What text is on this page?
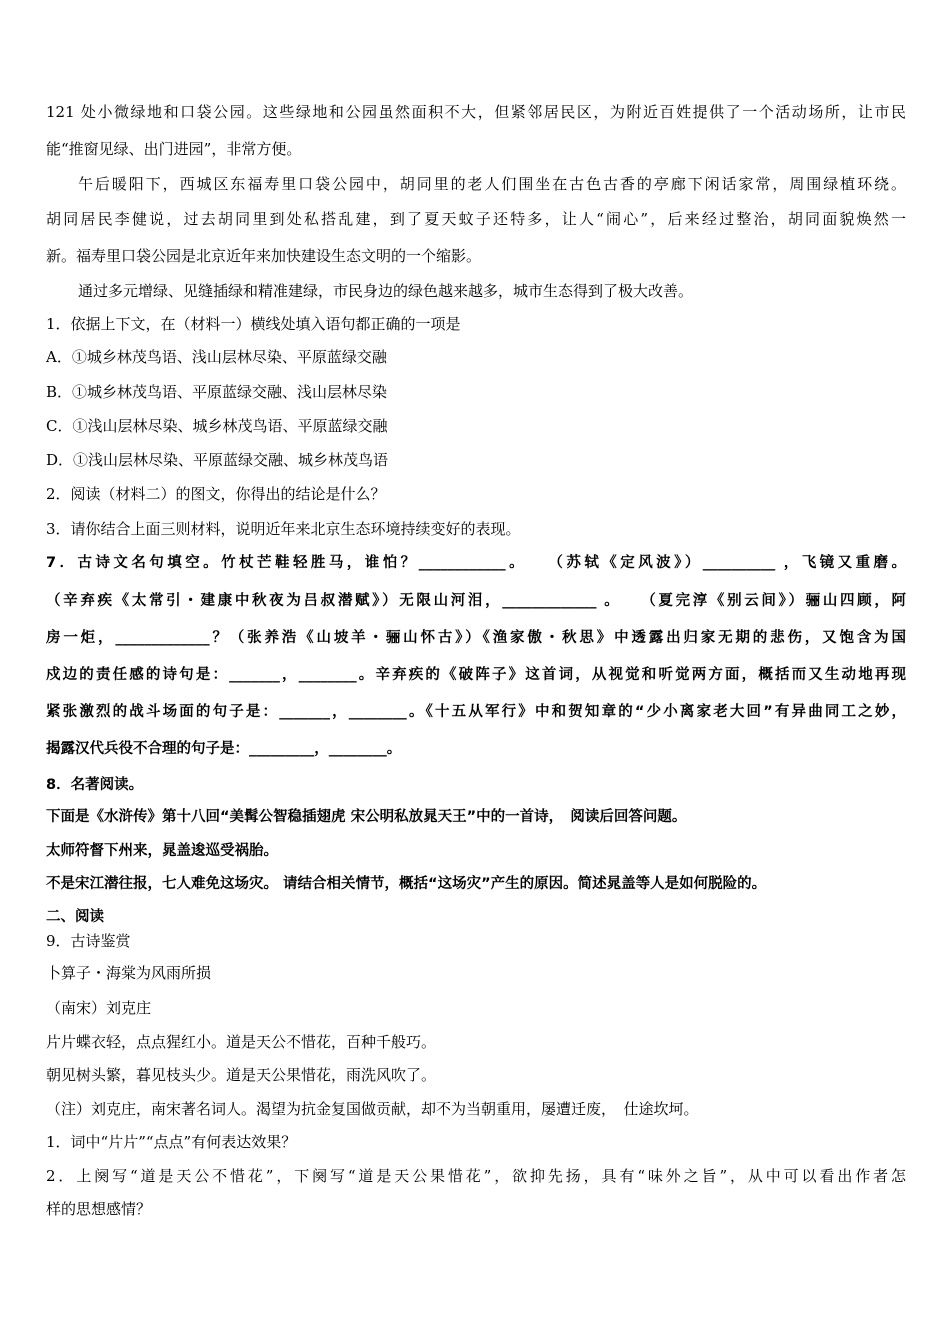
121 处小微绿地和口袋公园。这些绿地和公园虽然面积不大，但紧邻居民区，为附近百姓提供了一个活动场所，让市民
能“推窗见绿、出门进园”，非常方便。
午后暖阳下，西城区东福寿里口袋公园中，胡同里的老人们围坐在古色古香的亭廊下闲话家常，周围绿植环绕。
胡同居民李健说，过去胡同里到处私搭乱建，到了夏天蚊子还特多，让人“闹心”，后来经过整治，胡同面貌焕然一
新。福寿里口袋公园是北京近年来加快建设生态文明的一个缩影。
通过多元增绿、见缝插绿和精准建绿，市民身边的绿色越来越多，城市生态得到了极大改善。
1．依据上下文，在（材料一）横线处填入语句都正确的一项是
A．①城乡林茂鸟语、浅山层林尽染、平原蓝绿交融
B．①城乡林茂鸟语、平原蓝绿交融、浅山层林尽染
C．①浅山层林尽染、城乡林茂鸟语、平原蓝绿交融
D．①浅山层林尽染、平原蓝绿交融、城乡林茂鸟语
2．阅读（材料二）的图文，你得出的结论是什么？
3．请你结合上面三则材料，说明近年来北京生态环境持续变好的表现。
7．古诗文名句填空。竹杖芒鞋轻胜马，谁怕？____________。　　（苏轼《定风波》）__________ ，飞镜又重磨。
（辛弃疾《太常引・建康中秋夜为吕叔潜赋》）无限山河泪，_____________ 。　　（夏完淳《别云间》）骊山四顾，阿
房一炬，_____________？（张养浩《山坡羊・骊山怀古》）《渔家傲・秋思》中透露出归家无期的悲伤，又饱含为国
戍边的责任感的诗句是：_______，________。辛弃疾的《破阵子》这首词，从视觉和听觉两方面，概括而又生动地再现
紧张激烈的战斗场面的句子是：_______，________。《十五从军行》中和贺知章的“少小离家老大回”有异曲同工之妙，
揭露汉代兵役不合理的句子是：_________，________。
8．名著阅读。
下面是《水浒传》第十八回“美髯公智稳插翅虎 宋公明私放晁天王”中的一首诗，　阅读后回答问题。
太师符督下州来，晁盖逡巡受祸胎。
不是宋江潜往报，七人难免这场灾。 请结合相关情节，概括“这场灾”产生的原因。简述晁盖等人是如何脱险的。
二、阅读
9．古诗鉴赏
卜算子・海棠为风雨所损
（南宋）刘克庄
片片蝶衣轻，点点猩红小。道是天公不惜花，百种千般巧。
朝见树头繁，暮见枝头少。道是天公果惜花，雨洗风吹了。
（注）刘克庄，南宋著名词人。渴望为抗金复国做贡献，却不为当朝重用，屡遭迁废，　仕途坎坷。
1．词中“片片”“点点”有何表达效果？
2．上阕写“道是天公不惜花”，下阕写“道是天公果惜花”，欲抑先扬，具有“味外之旨”，从中可以看出作者怎
样的思想感情？
